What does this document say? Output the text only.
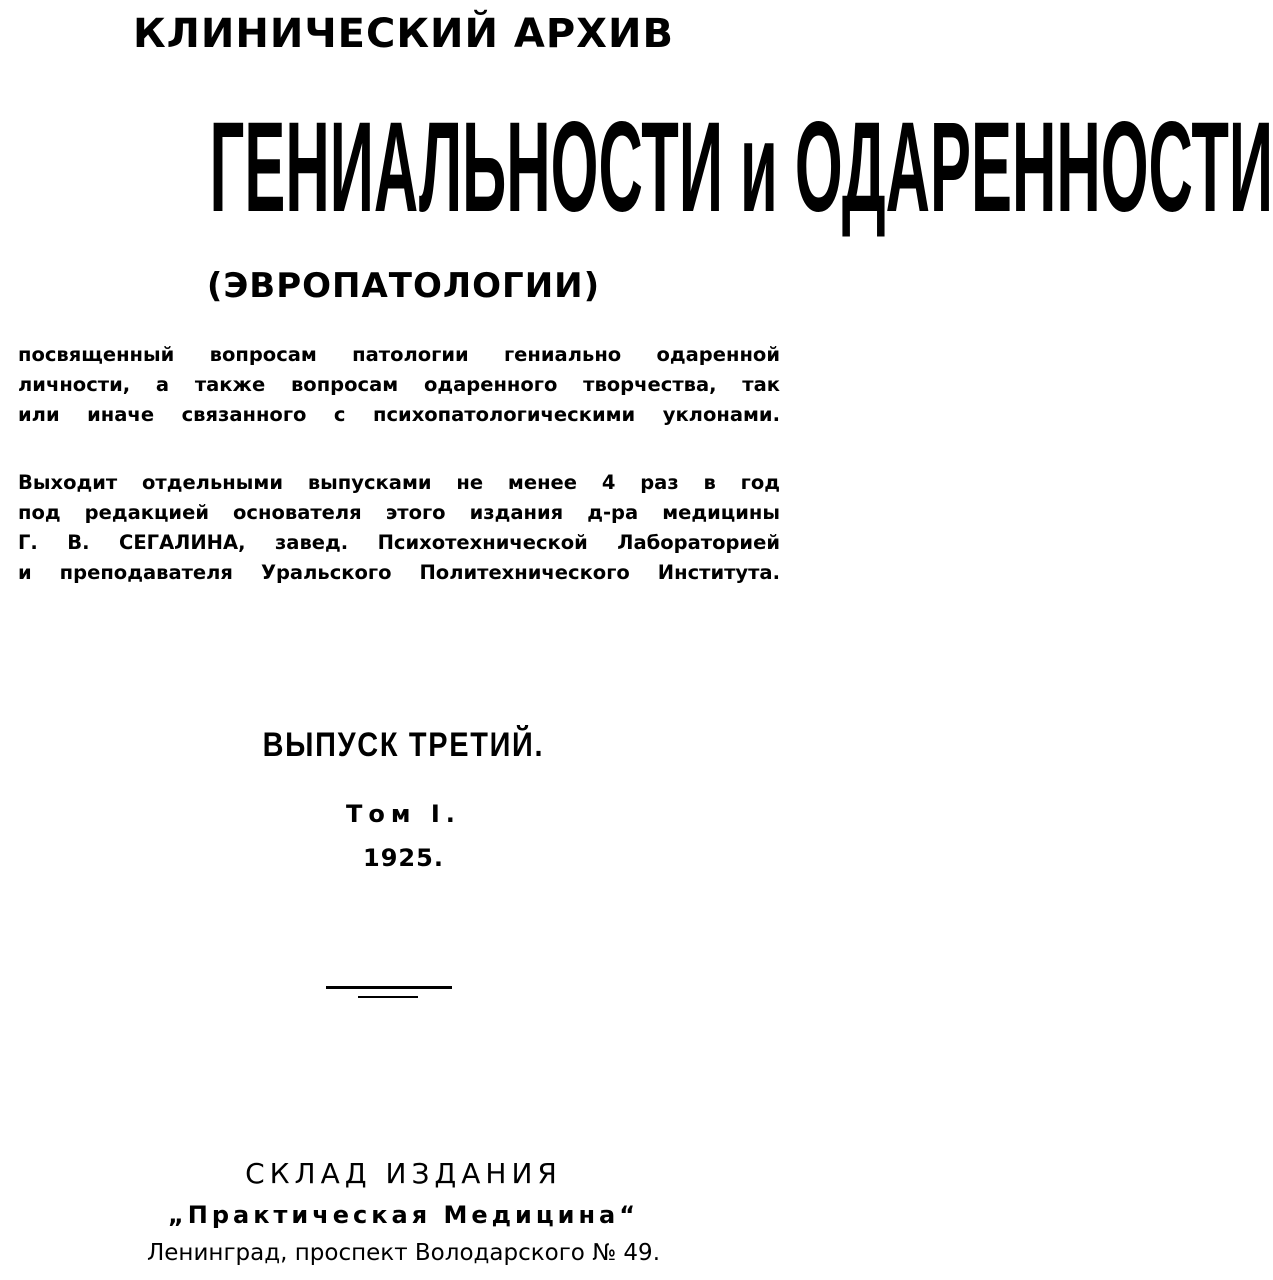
КЛИНИЧЕСКИЙ АРХИВ
ГЕНИАЛЬНОСТИ и ОДАРЕННОСТИ
(ЭВРОПАТОЛОГИИ)
посвященный вопросам патологии гениально одаренной
личности, а также вопросам одаренного творчества, так
или иначе связанного с психопатологическими уклонами.
Выходит отдельными выпусками не менее 4 раз в год
под редакцией основателя этого издания д-ра медицины
Г. В. СЕГАЛИНА, завед. Психотехнической Лабораторией
и преподавателя Уральского Политехнического Института.
ВЫПУСК ТРЕТИЙ.
Том I.
1925.
СКЛАД ИЗДАНИЯ
„Практическая Медицина“
Ленинград, проспект Володарского № 49.
